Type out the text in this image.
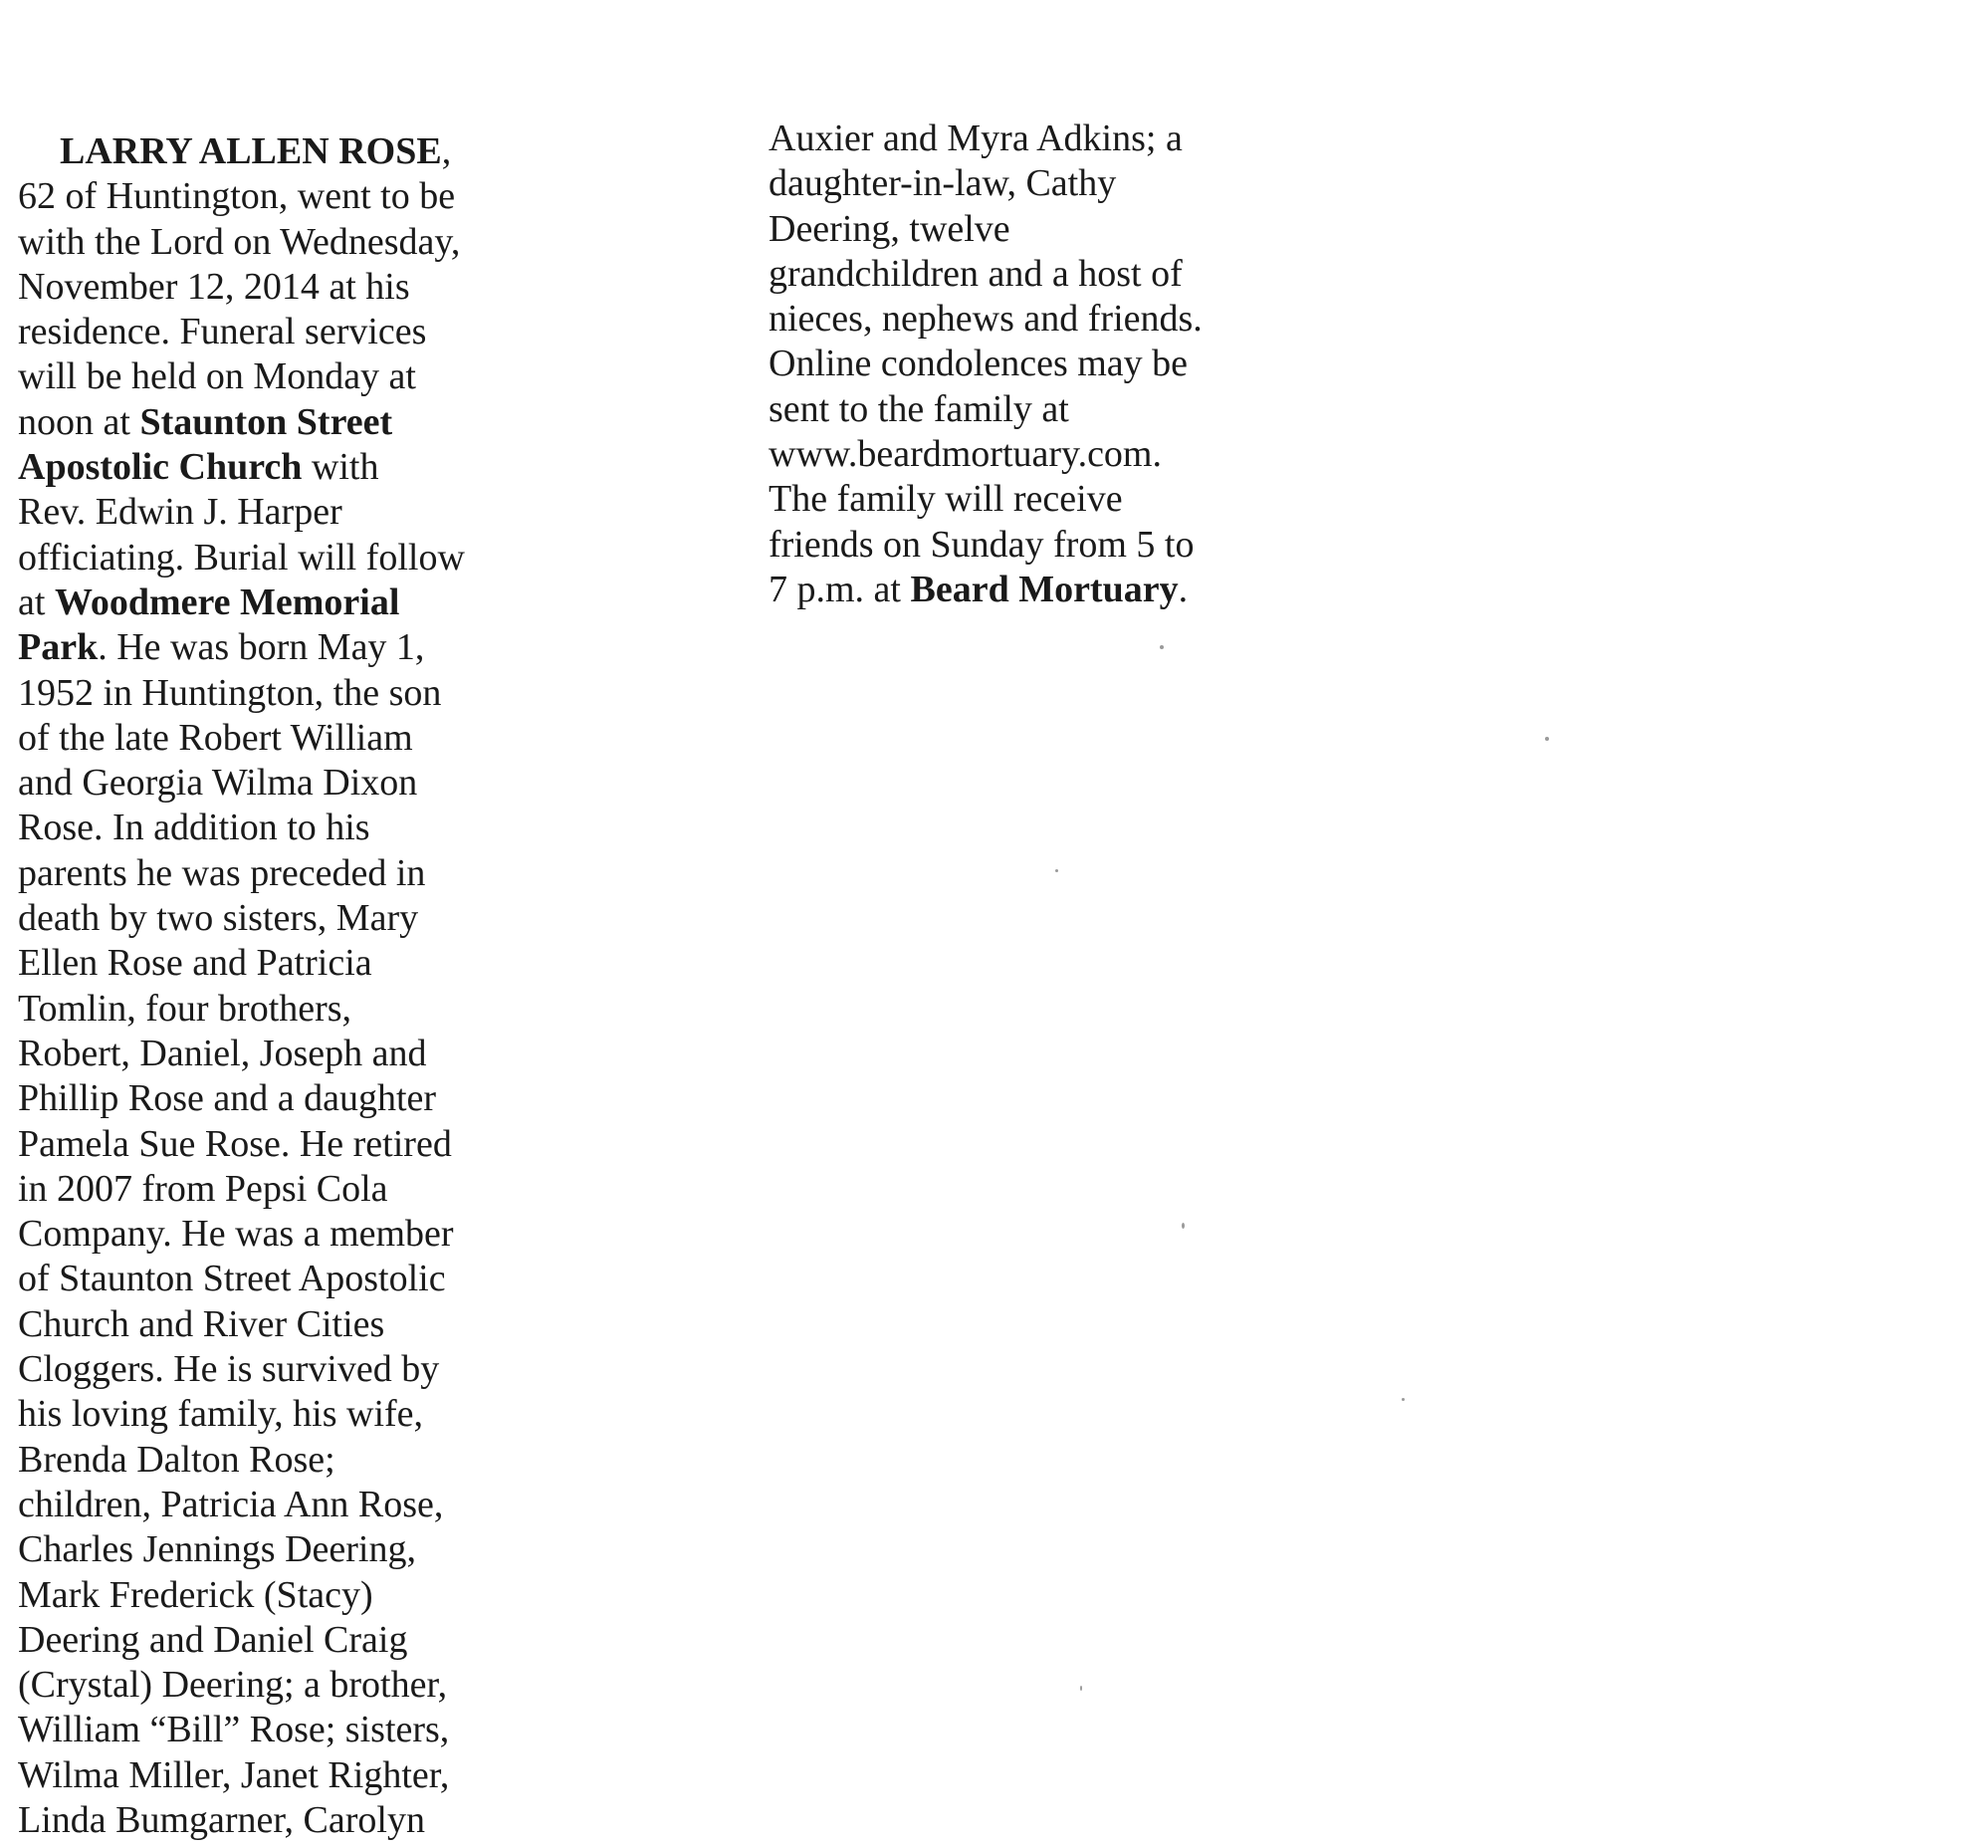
LARRY ALLEN ROSE,
62 of Huntington, went to be
with the Lord on Wednesday,
November 12, 2014 at his
residence. Funeral services
will be held on Monday at
noon at Staunton Street
Apostolic Church with
Rev. Edwin J. Harper
officiating. Burial will follow
at Woodmere Memorial
Park. He was born May 1,
1952 in Huntington, the son
of the late Robert William
and Georgia Wilma Dixon
Rose. In addition to his
parents he was preceded in
death by two sisters, Mary
Ellen Rose and Patricia
Tomlin, four brothers,
Robert, Daniel, Joseph and
Phillip Rose and a daughter
Pamela Sue Rose. He retired
in 2007 from Pepsi Cola
Company. He was a member
of Staunton Street Apostolic
Church and River Cities
Cloggers. He is survived by
his loving family, his wife,
Brenda Dalton Rose;
children, Patricia Ann Rose,
Charles Jennings Deering,
Mark Frederick (Stacy)
Deering and Daniel Craig
(Crystal) Deering; a brother,
William “Bill” Rose; sisters,
Wilma Miller, Janet Righter,
Linda Bumgarner, Carolyn
Auxier and Myra Adkins; a
daughter-in-law, Cathy
Deering, twelve
grandchildren and a host of
nieces, nephews and friends.
Online condolences may be
sent to the family at
www.beardmortuary.com.
The family will receive
friends on Sunday from 5 to
7 p.m. at Beard Mortuary.
